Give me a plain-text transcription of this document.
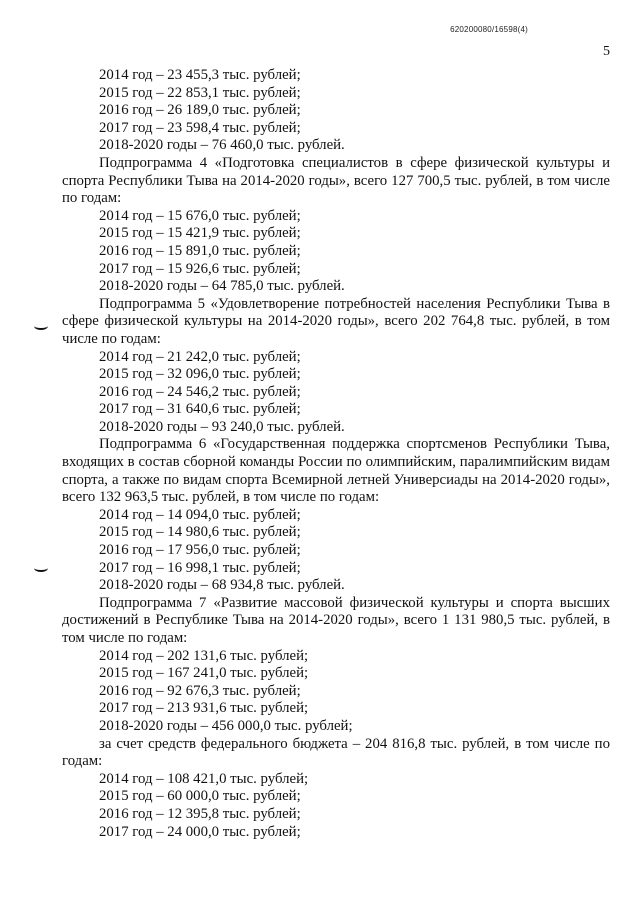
620200080/16598(4)
5
2014 год – 23 455,3 тыс. рублей;
2015 год – 22 853,1 тыс. рублей;
2016 год – 26 189,0 тыс. рублей;
2017 год – 23 598,4 тыс. рублей;
2018-2020 годы – 76 460,0 тыс. рублей.
Подпрограмма 4 «Подготовка специалистов в сфере физической культуры и спорта Республики Тыва на 2014-2020 годы», всего 127 700,5 тыс. рублей, в том числе по годам:
2014 год – 15 676,0 тыс. рублей;
2015 год – 15 421,9 тыс. рублей;
2016 год – 15 891,0 тыс. рублей;
2017 год – 15 926,6 тыс. рублей;
2018-2020 годы – 64 785,0 тыс. рублей.
Подпрограмма 5 «Удовлетворение потребностей населения Республики Тыва в сфере физической культуры на 2014-2020 годы», всего 202 764,8 тыс. рублей, в том числе по годам:
2014 год – 21 242,0 тыс. рублей;
2015 год – 32 096,0 тыс. рублей;
2016 год – 24 546,2 тыс. рублей;
2017 год – 31 640,6 тыс. рублей;
2018-2020 годы – 93 240,0 тыс. рублей.
Подпрограмма 6 «Государственная поддержка спортсменов Республики Тыва, входящих в состав сборной команды России по олимпийским, паралимпийским видам спорта, а также по видам спорта Всемирной летней Универсиады на 2014-2020 годы», всего 132 963,5 тыс. рублей, в том числе по годам:
2014 год – 14 094,0 тыс. рублей;
2015 год – 14 980,6 тыс. рублей;
2016 год – 17 956,0 тыс. рублей;
2017 год – 16 998,1 тыс. рублей;
2018-2020 годы – 68 934,8 тыс. рублей.
Подпрограмма 7 «Развитие массовой физической культуры и спорта высших достижений в Республике Тыва на 2014-2020 годы», всего 1 131 980,5 тыс. рублей, в том числе по годам:
2014 год – 202 131,6 тыс. рублей;
2015 год – 167 241,0 тыс. рублей;
2016 год – 92 676,3 тыс. рублей;
2017 год – 213 931,6 тыс. рублей;
2018-2020 годы – 456 000,0 тыс. рублей;
за счет средств федерального бюджета – 204 816,8 тыс. рублей, в том числе по годам:
2014 год – 108 421,0 тыс. рублей;
2015 год – 60 000,0 тыс. рублей;
2016 год – 12 395,8 тыс. рублей;
2017 год – 24 000,0 тыс. рублей;
